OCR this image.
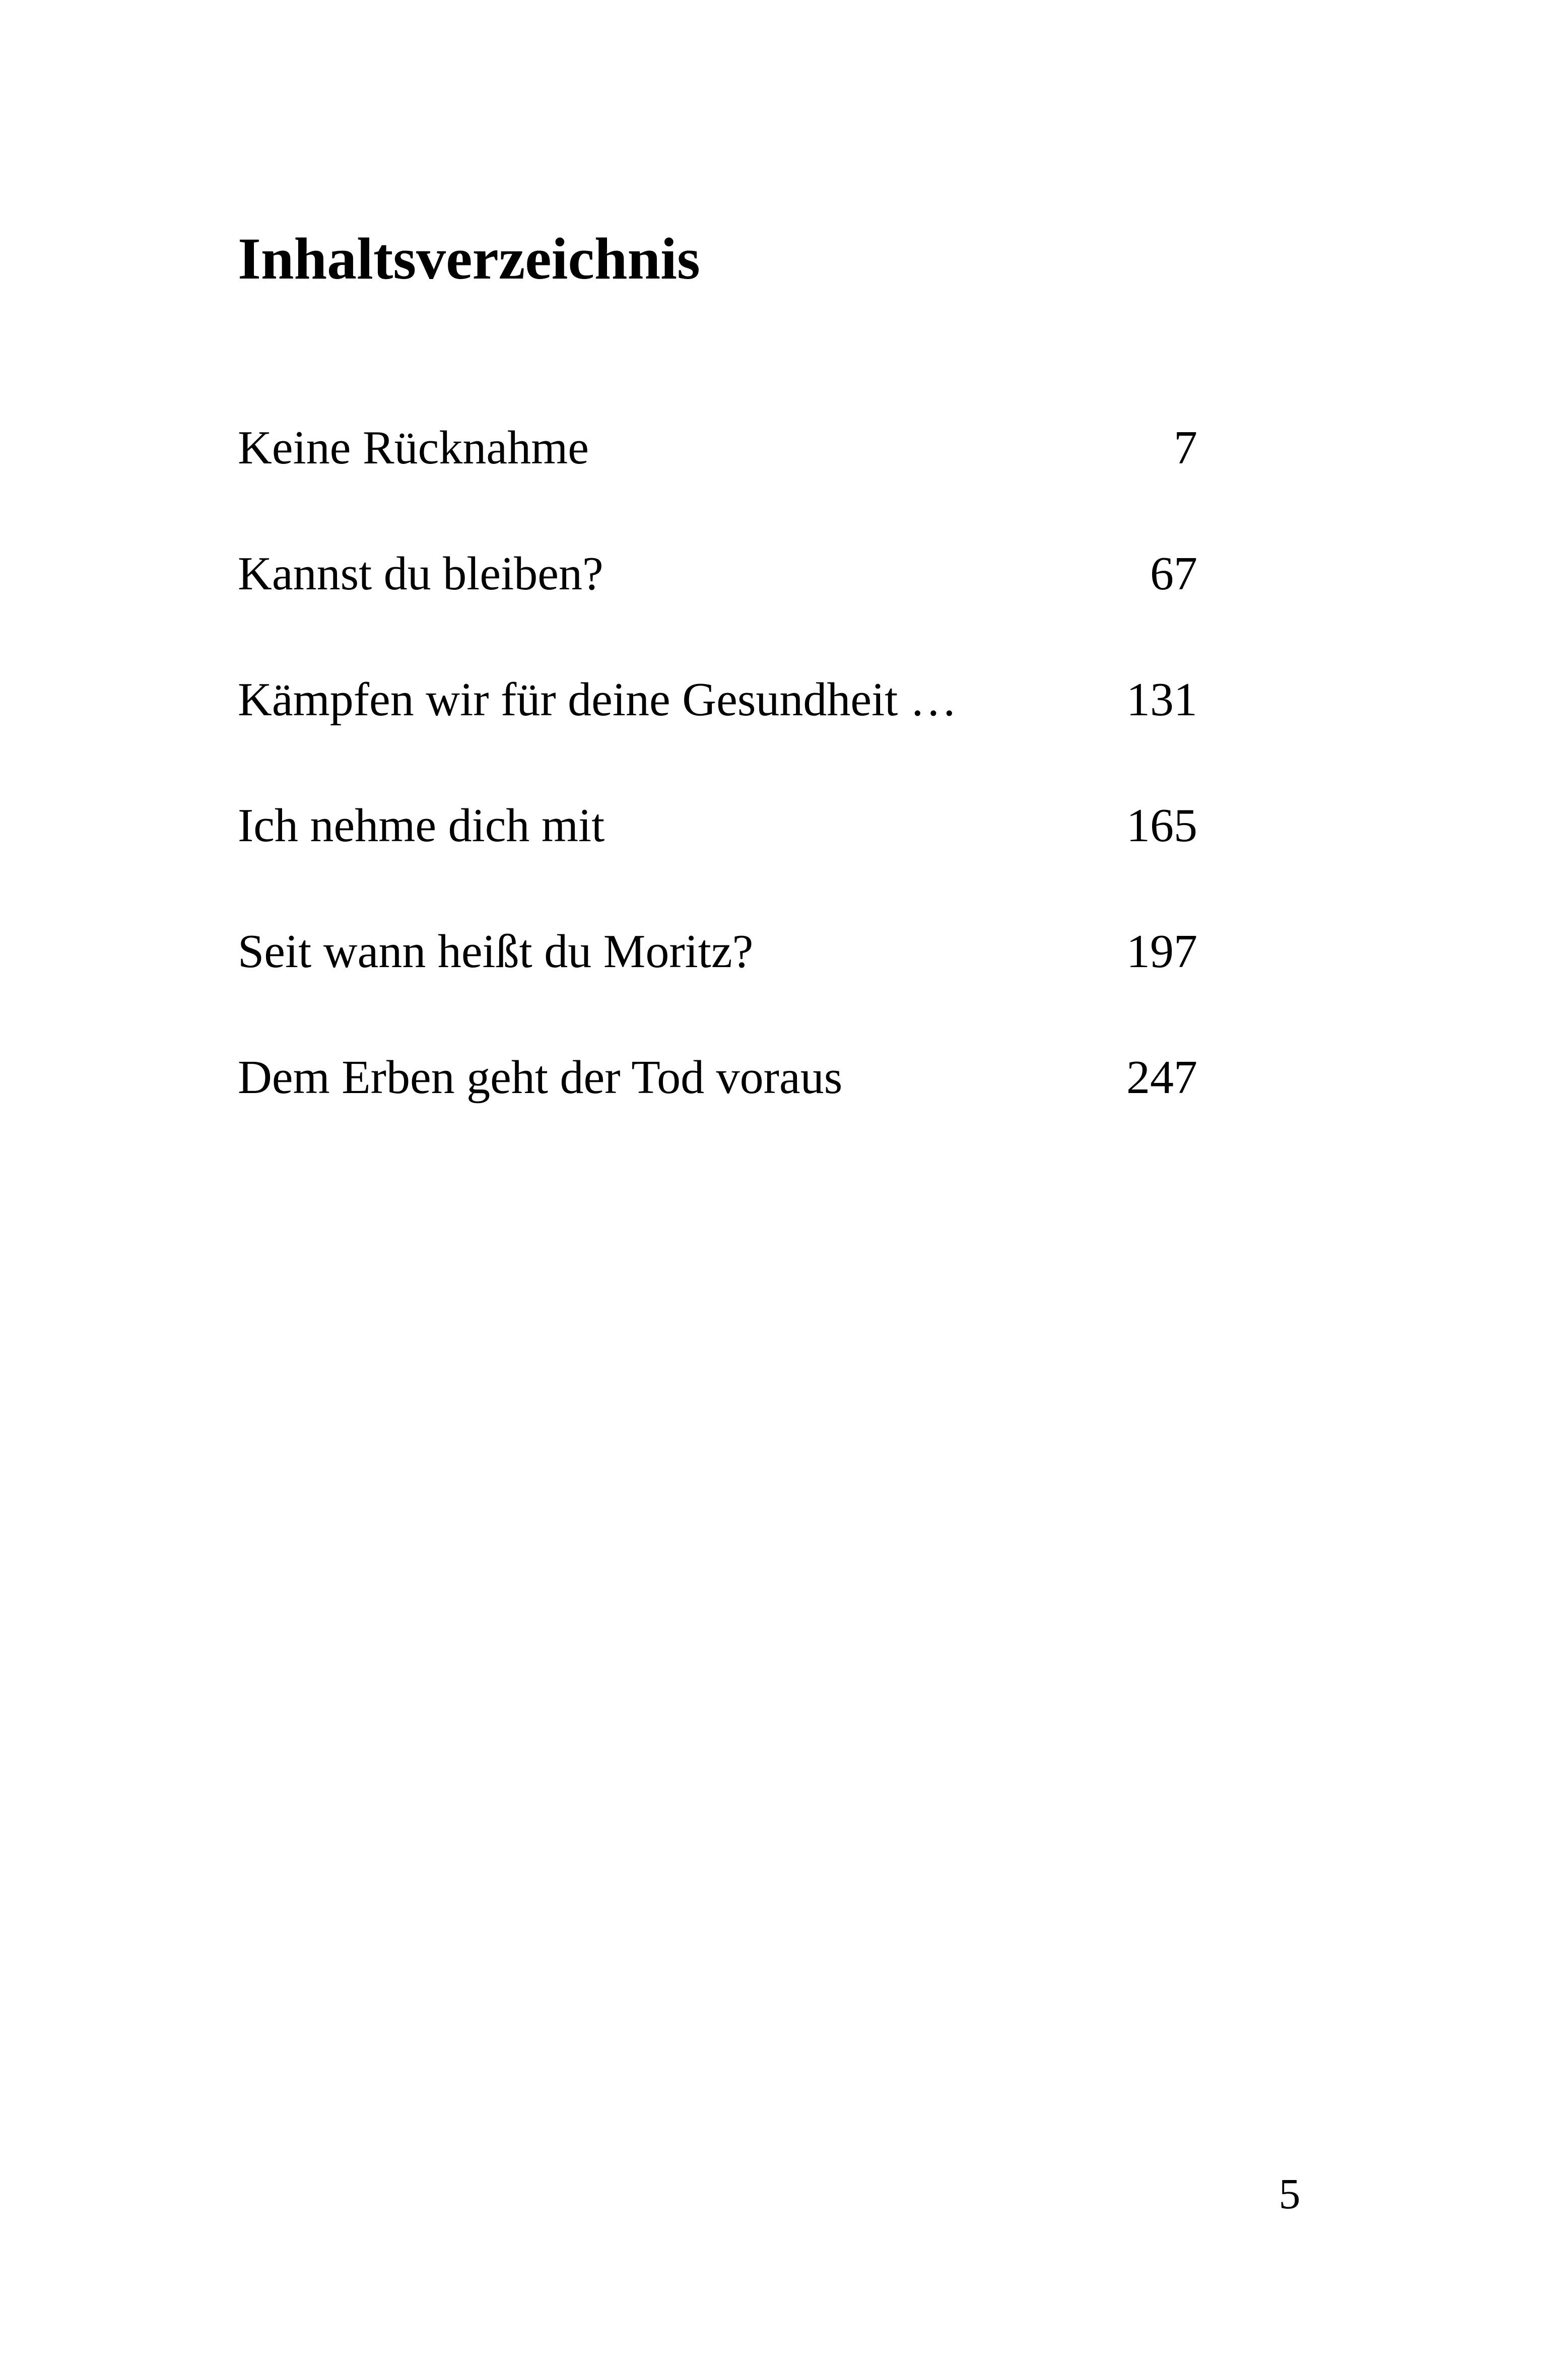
Inhaltsverzeichnis
Keine Rücknahme	7
Kannst du bleiben?	67
Kämpfen wir für deine Gesundheit …	131
Ich nehme dich mit	165
Seit wann heißt du Moritz?	197
Dem Erben geht der Tod voraus	247
5
